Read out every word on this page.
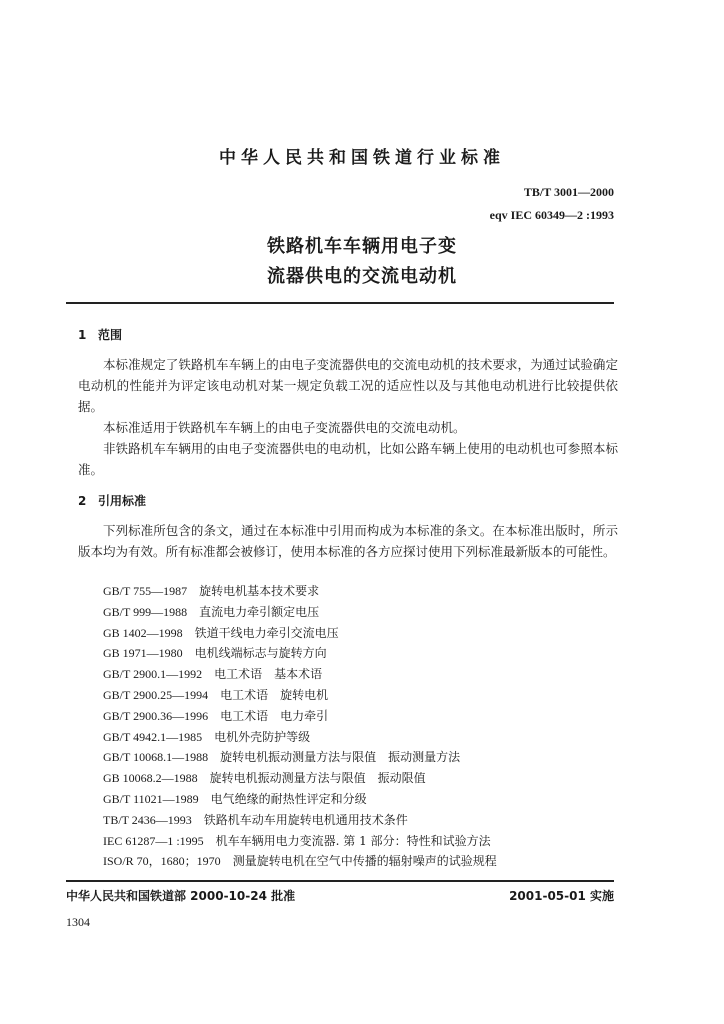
中华人民共和国铁道行业标准
TB/T 3001—2000
eqv IEC 60349—2 :1993
铁路机车车辆用电子变
流器供电的交流电动机
1 范围
本标准规定了铁路机车车辆上的由电子变流器供电的交流电动机的技术要求，为通过试验确定电动机的性能并为评定该电动机对某一规定负载工况的适应性以及与其他电动机进行比较提供依据。
本标准适用于铁路机车车辆上的由电子变流器供电的交流电动机。
非铁路机车车辆用的由电子变流器供电的电动机，比如公路车辆上使用的电动机也可参照本标准。
2 引用标准
下列标准所包含的条文，通过在本标准中引用而构成为本标准的条文。在本标准出版时，所示版本均为有效。所有标准都会被修订，使用本标准的各方应探讨使用下列标准最新版本的可能性。
GB/T 755—1987 旋转电机基本技术要求
GB/T 999—1988 直流电力牵引额定电压
GB 1402—1998 铁道干线电力牵引交流电压
GB 1971—1980 电机线端标志与旋转方向
GB/T 2900.1—1992 电工术语　基本术语
GB/T 2900.25—1994 电工术语　旋转电机
GB/T 2900.36—1996 电工术语　电力牵引
GB/T 4942.1—1985 电机外壳防护等级
GB/T 10068.1—1988 旋转电机振动测量方法与限值　振动测量方法
GB 10068.2—1988 旋转电机振动测量方法与限值　振动限值
GB/T 11021—1989 电气绝缘的耐热性评定和分级
TB/T 2436—1993 铁路机车动车用旋转电机通用技术条件
IEC 61287—1 :1995 机车车辆用电力变流器. 第 1 部分：特性和试验方法
ISO/R 70，1680；1970 测量旋转电机在空气中传播的辐射噪声的试验规程
中华人民共和国铁道部 2000-10-24 批准	2001-05-01 实施
1304
